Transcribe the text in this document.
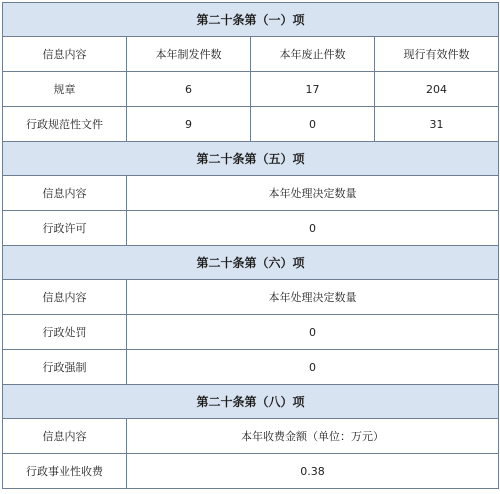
第二十条第（一）项			
信息内容	本年制发件数	本年废止件数	现行有效件数
规章	6	17	204
行政规范性文件	9	0	31
第二十条第（五）项			
信息内容	本年处理决定数量		
行政许可	0		
第二十条第（六）项			
信息内容	本年处理决定数量		
行政处罚	0		
行政强制	0		
第二十条第（八）项			
信息内容	本年收费金额（单位：万元）		
行政事业性收费	0.38		
